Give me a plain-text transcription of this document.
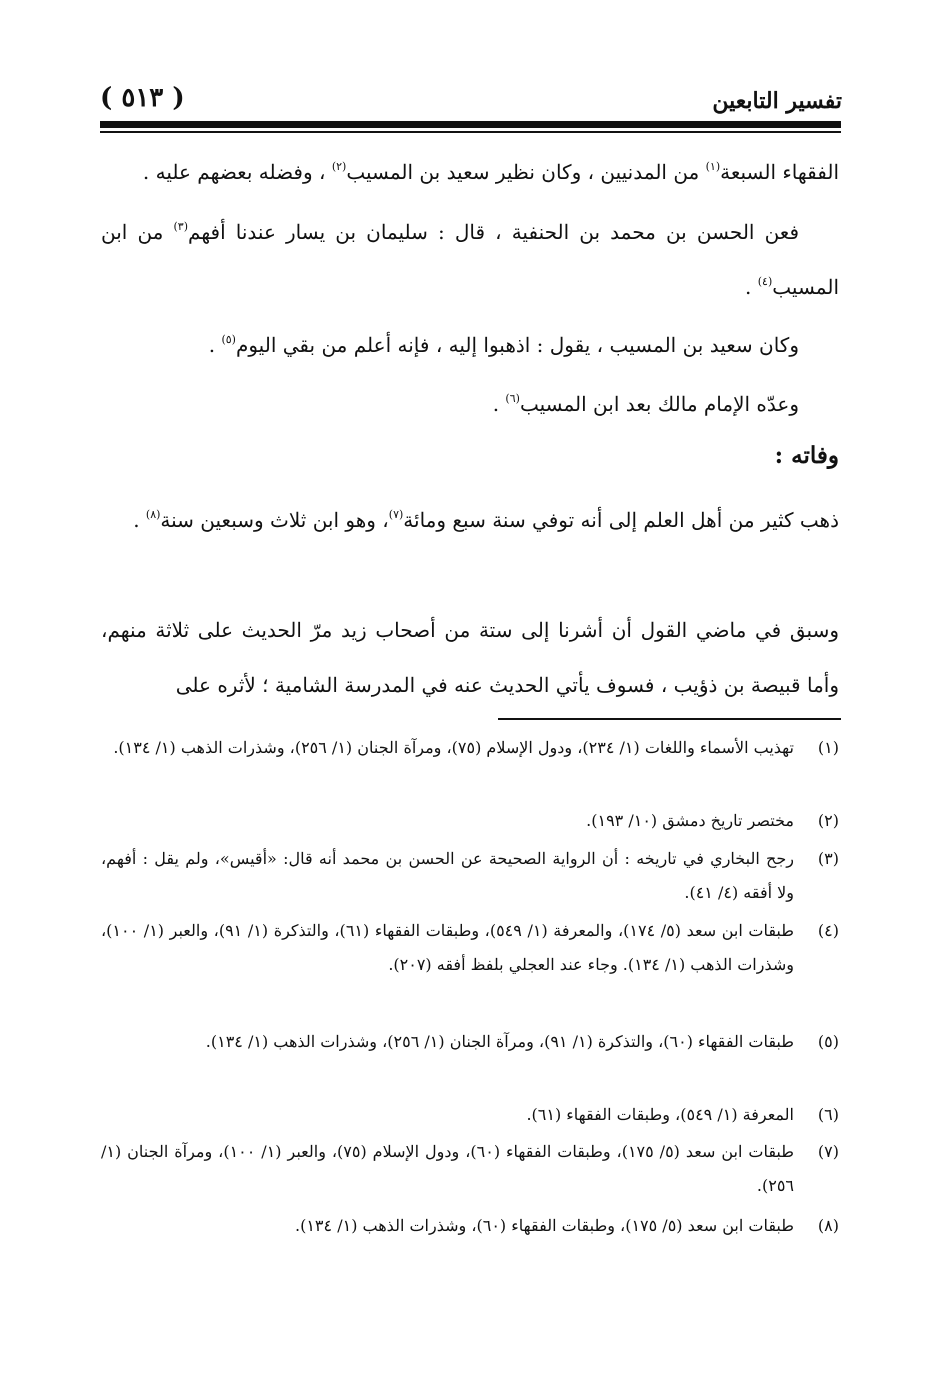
تفسير التابعين
( ٥١٣ )

الفقهاء السبعة$^{(١)}$ من المدنيين ، وكان نظير سعيد بن المسيب$^{(٢)}$ ، وفضله بعضهم عليه .

فعن الحسن بن محمد بن الحنفية ، قال : سليمان بن يسار عندنا أفهم$^{(٣)}$ من ابن المسيب$^{(٤)}$ .

وكان سعيد بن المسيب ، يقول : اذهبوا إليه ، فإنه أعلم من بقي اليوم$^{(٥)}$ .

وعدّه الإمام مالك بعد ابن المسيب$^{(٦)}$ .

وفاته :

ذهب كثير من أهل العلم إلى أنه توفي سنة سبع ومائة$^{(٧)}$، وهو ابن ثلاث وسبعين سنة$^{(٨)}$ .

وسبق في ماضي القول أن أشرنا إلى ستة من أصحاب زيد مرّ الحديث على ثلاثة منهم، وأما قبيصة بن ذؤيب ، فسوف يأتي الحديث عنه في المدرسة الشامية ؛ لأثره على

(١)
تهذيب الأسماء واللغات (١/ ٢٣٤)، ودول الإسلام (٧٥)، ومرآة الجنان (١/ ٢٥٦)، وشذرات الذهب (١/ ١٣٤).
(٢)
مختصر تاريخ دمشق (١٠/ ١٩٣).
(٣)
رجح البخاري في تاريخه : أن الرواية الصحيحة عن الحسن بن محمد أنه قال: «أقيس»، ولم يقل : أفهم، ولا أفقه (٤/ ٤١).
(٤)
طبقات ابن سعد (٥/ ١٧٤)، والمعرفة (١/ ٥٤٩)، وطبقات الفقهاء (٦١)، والتذكرة (١/ ٩١)، والعبر (١/ ١٠٠)، وشذرات الذهب (١/ ١٣٤). وجاء عند العجلي بلفظ أفقه (٢٠٧).
(٥)
طبقات الفقهاء (٦٠)، والتذكرة (١/ ٩١)، ومرآة الجنان (١/ ٢٥٦)، وشذرات الذهب (١/ ١٣٤).
(٦)
المعرفة (١/ ٥٤٩)، وطبقات الفقهاء (٦١).
(٧)
طبقات ابن سعد (٥/ ١٧٥)، وطبقات الفقهاء (٦٠)، ودول الإسلام (٧٥)، والعبر (١/ ١٠٠)، ومرآة الجنان (١/ ٢٥٦).
(٨)
طبقات ابن سعد (٥/ ١٧٥)، وطبقات الفقهاء (٦٠)، وشذرات الذهب (١/ ١٣٤).
